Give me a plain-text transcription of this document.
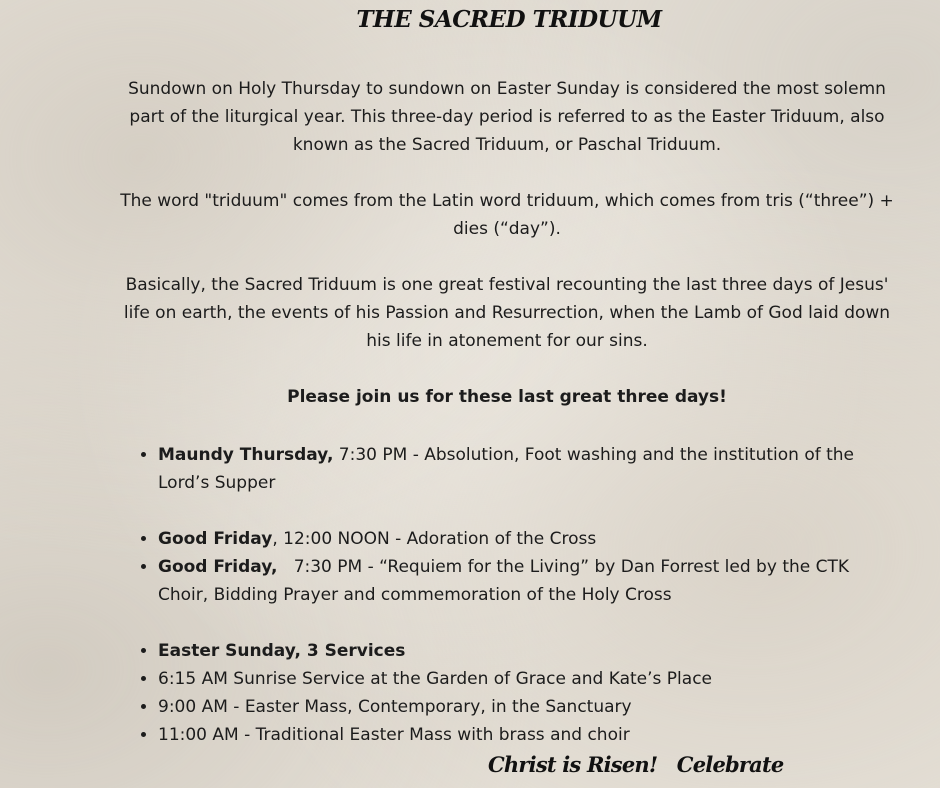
THE SACRED TRIDUUM

Sundown on Holy Thursday to sundown on Easter Sunday is considered the most solemn part of the liturgical year. This three-day period is referred to as the Easter Triduum, also known as the Sacred Triduum, or Paschal Triduum.

The word "triduum" comes from the Latin word triduum, which comes from tris (“three”) + dies (“day”).

Basically, the Sacred Triduum is one great festival recounting the last three days of Jesus' life on earth, the events of his Passion and Resurrection, when the Lamb of God laid down his life in atonement for our sins.

Please join us for these last great three days!

• Maundy Thursday, 7:30 PM - Absolution, Foot washing and the institution of the Lord’s Supper
• Good Friday, 12:00 NOON - Adoration of the Cross
• Good Friday,   7:30 PM - “Requiem for the Living” by Dan Forrest led by the CTK Choir, Bidding Prayer and commemoration of the Holy Cross
• Easter Sunday, 3 Services
• 6:15 AM Sunrise Service at the Garden of Grace and Kate’s Place
• 9:00 AM - Easter Mass, Contemporary, in the Sanctuary
• 11:00 AM - Traditional Easter Mass with brass and choir
Christ is Risen!   Celebrate
